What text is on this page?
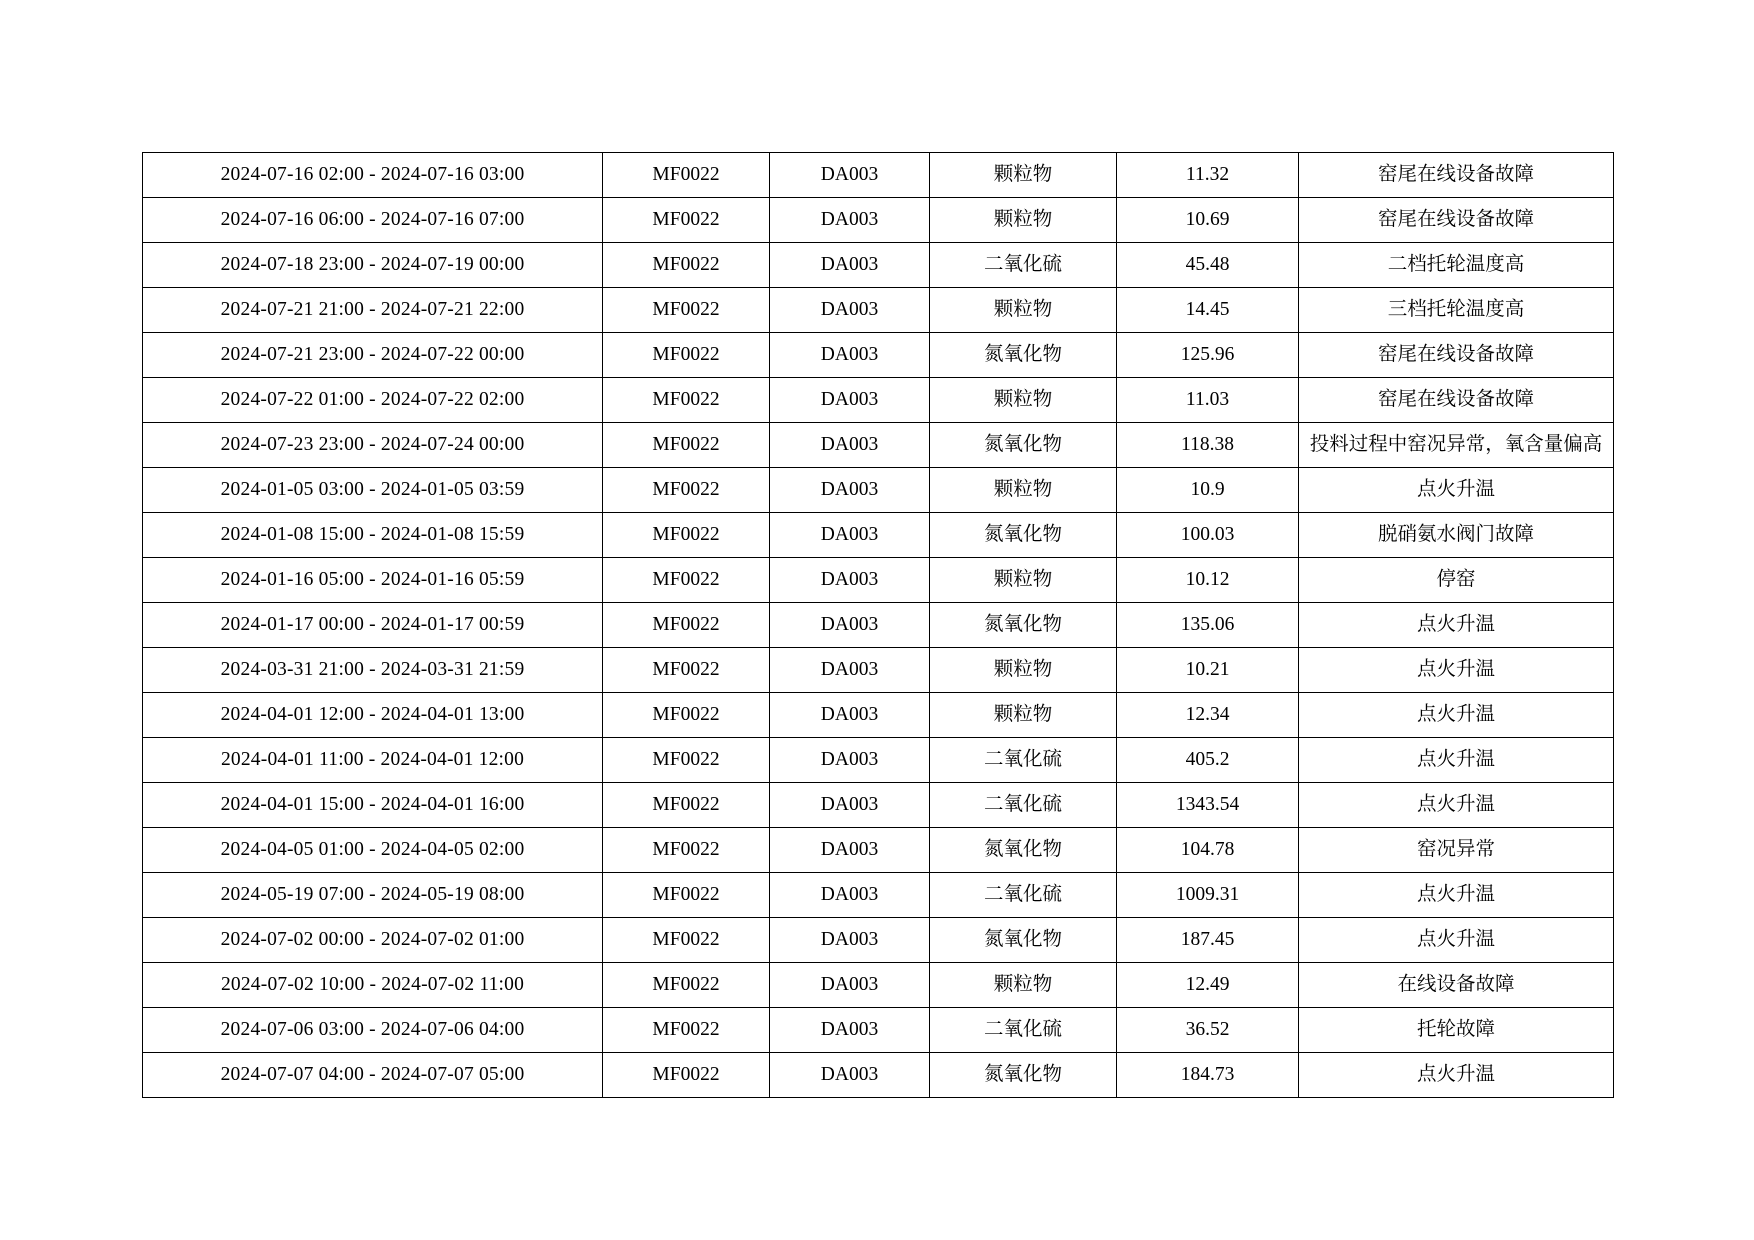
2024-07-16 02:00 - 2024-07-16 03:00	MF0022	DA003	颗粒物	11.32	窑尾在线设备故障
2024-07-16 06:00 - 2024-07-16 07:00	MF0022	DA003	颗粒物	10.69	窑尾在线设备故障
2024-07-18 23:00 - 2024-07-19 00:00	MF0022	DA003	二氧化硫	45.48	二档托轮温度高
2024-07-21 21:00 - 2024-07-21 22:00	MF0022	DA003	颗粒物	14.45	三档托轮温度高
2024-07-21 23:00 - 2024-07-22 00:00	MF0022	DA003	氮氧化物	125.96	窑尾在线设备故障
2024-07-22 01:00 - 2024-07-22 02:00	MF0022	DA003	颗粒物	11.03	窑尾在线设备故障
2024-07-23 23:00 - 2024-07-24 00:00	MF0022	DA003	氮氧化物	118.38	投料过程中窑况异常，氧含量偏高
2024-01-05 03:00 - 2024-01-05 03:59	MF0022	DA003	颗粒物	10.9	点火升温
2024-01-08 15:00 - 2024-01-08 15:59	MF0022	DA003	氮氧化物	100.03	脱硝氨水阀门故障
2024-01-16 05:00 - 2024-01-16 05:59	MF0022	DA003	颗粒物	10.12	停窑
2024-01-17 00:00 - 2024-01-17 00:59	MF0022	DA003	氮氧化物	135.06	点火升温
2024-03-31 21:00 - 2024-03-31 21:59	MF0022	DA003	颗粒物	10.21	点火升温
2024-04-01 12:00 - 2024-04-01 13:00	MF0022	DA003	颗粒物	12.34	点火升温
2024-04-01 11:00 - 2024-04-01 12:00	MF0022	DA003	二氧化硫	405.2	点火升温
2024-04-01 15:00 - 2024-04-01 16:00	MF0022	DA003	二氧化硫	1343.54	点火升温
2024-04-05 01:00 - 2024-04-05 02:00	MF0022	DA003	氮氧化物	104.78	窑况异常
2024-05-19 07:00 - 2024-05-19 08:00	MF0022	DA003	二氧化硫	1009.31	点火升温
2024-07-02 00:00 - 2024-07-02 01:00	MF0022	DA003	氮氧化物	187.45	点火升温
2024-07-02 10:00 - 2024-07-02 11:00	MF0022	DA003	颗粒物	12.49	在线设备故障
2024-07-06 03:00 - 2024-07-06 04:00	MF0022	DA003	二氧化硫	36.52	托轮故障
2024-07-07 04:00 - 2024-07-07 05:00	MF0022	DA003	氮氧化物	184.73	点火升温
